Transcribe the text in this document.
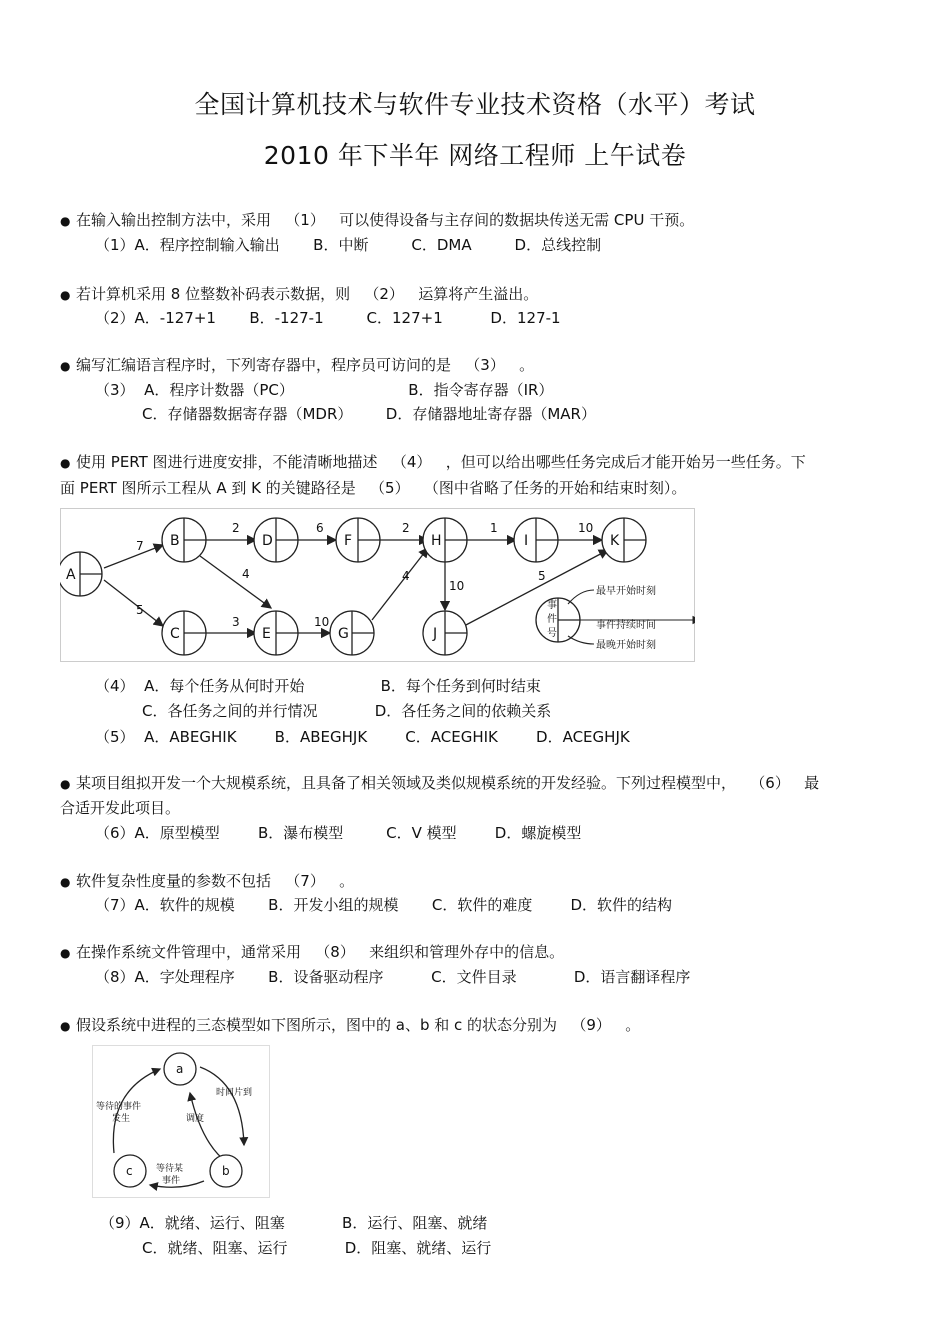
全国计算机技术与软件专业技术资格（水平）考试
2010 年下半年 网络工程师 上午试卷
● 在输入输出控制方法中，采用   （1）   可以使得设备与主存间的数据块传送无需 CPU 干预。
（1）A．程序控制输入输出       B．中断         C．DMA         D．总线控制
● 若计算机采用 8 位整数补码表示数据，则   （2）   运算将产生溢出。
（2）A．-127+1       B．-127-1         C．127+1          D．127-1
● 编写汇编语言程序时，下列寄存器中，程序员可访问的是   （3）   。
（3）  A．程序计数器（PC）                        B．指令寄存器（IR）
C．存储器数据寄存器（MDR）       D．存储器地址寄存器（MAR）
● 使用 PERT 图进行进度安排，不能清晰地描述   （4）   ，但可以给出哪些任务完成后才能开始另一些任务。下
面 PERT 图所示工程从 A 到 K 的关键路径是   （5）   （图中省略了任务的开始和结束时刻）。
A
B
C
D
E
F
G
H	I
J
K
7
5
2
4
3
6
10
2
4
1
10
10
5
事
件
号
最早开始时刻
事件持续时间
最晚开始时刻
（4）  A．每个任务从何时开始                B．每个任务到何时结束
C．各任务之间的并行情况            D．各任务之间的依赖关系
（5）  A．ABEGHIK        B．ABEGHJK        C．ACEGHIK        D．ACEGHJK
● 某项目组拟开发一个大规模系统，且具备了相关领域及类似规模系统的开发经验。下列过程模型中，   （6）   最
合适开发此项目。
（6）A．原型模型        B．瀑布模型         C．V 模型        D．螺旋模型
● 软件复杂性度量的参数不包括   （7）   。
（7）A．软件的规模       B．开发小组的规模       C．软件的难度        D．软件的结构
● 在操作系统文件管理中，通常采用   （8）   来组织和管理外存中的信息。
（8）A．字处理程序       B．设备驱动程序          C．文件目录            D．语言翻译程序
● 假设系统中进程的三态模型如下图所示，图中的 a、b 和 c 的状态分别为   （9）   。
a
b
c
时间片到
等待的事件
发生	调度
等待某
事件
（9）A．就绪、运行、阻塞            B．运行、阻塞、就绪
C．就绪、阻塞、运行            D．阻塞、就绪、运行
